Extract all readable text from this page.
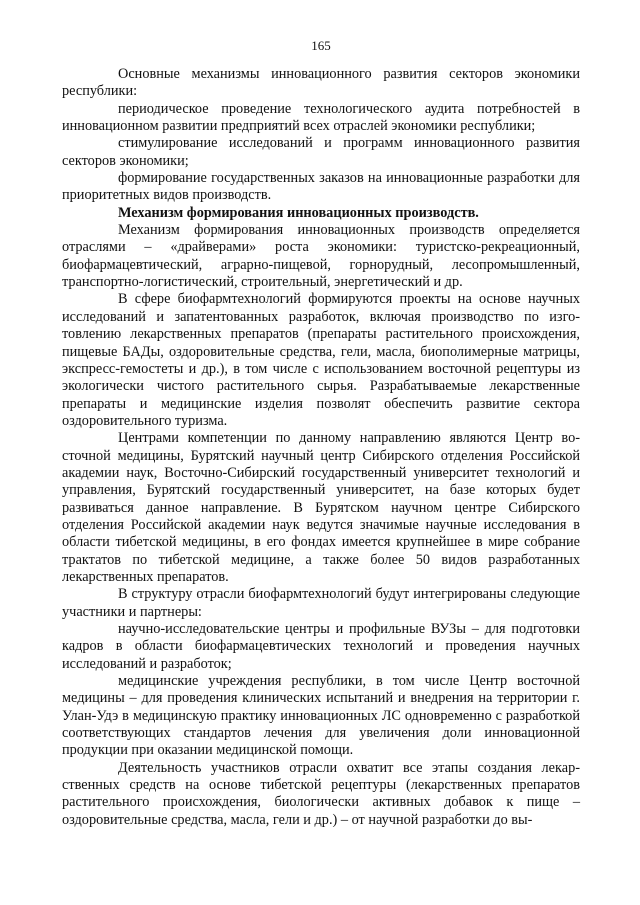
165

Основные механизмы инновационного развития секторов экономики республики:

периодическое проведение технологического аудита потребностей в инновационном развитии предприятий всех отраслей экономики республики;

стимулирование исследований и программ инновационного развития секторов экономики;

формирование государственных заказов на инновационные разработки для приоритетных видов производств.

Механизм формирования инновационных производств.

Механизм формирования инновационных производств определяется отраслями – «драйверами» роста экономики: туристско-рекреационный, биофармацевтический, аграрно-пищевой, горнорудный, лесопромышленный, транспортно-логистический, строительный, энергетический и др.

В сфере биофармтехнологий формируются проекты на основе научных исследований и запатентованных разработок, включая производство по изготовлению лекарственных препаратов (препараты растительного происхождения, пищевые БАДы, оздоровительные средства, гели, масла, биополимерные матрицы, экспресс-гемостеты и др.), в том числе с использованием восточной рецептуры из экологически чистого растительного сырья. Разрабатываемые лекарственные препараты и медицинские изделия позволят обеспечить развитие сектора оздоровительного туризма.

Центрами компетенции по данному направлению являются Центр восточной медицины, Бурятский научный центр Сибирского отделения Российской академии наук, Восточно-Сибирский государственный университет технологий и управления, Бурятский государственный университет, на базе которых будет развиваться данное направление. В Бурятском научном центре Сибирского отделения Российской академии наук ведутся значимые научные исследования в области тибетской медицины, в его фондах имеется крупнейшее в мире собрание трактатов по тибетской медицине, а также более 50 видов разработанных лекарственных препаратов.

В структуру отрасли биофармтехнологий будут интегрированы следующие участники и партнеры:

научно-исследовательские центры и профильные ВУЗы – для подготовки кадров в области биофармацевтических технологий и проведения научных исследований и разработок;

медицинские учреждения республики, в том числе Центр восточной медицины – для проведения клинических испытаний и внедрения на территории г. Улан-Удэ в медицинскую практику инновационных ЛС одновременно с разработкой соответствующих стандартов лечения для увеличения доли инновационной продукции при оказании медицинской помощи.

Деятельность участников отрасли охватит все этапы создания лекарственных средств на основе тибетской рецептуры (лекарственных препаратов растительного происхождения, биологически активных добавок к пище – оздоровительные средства, масла, гели и др.) – от научной разработки до вы-
